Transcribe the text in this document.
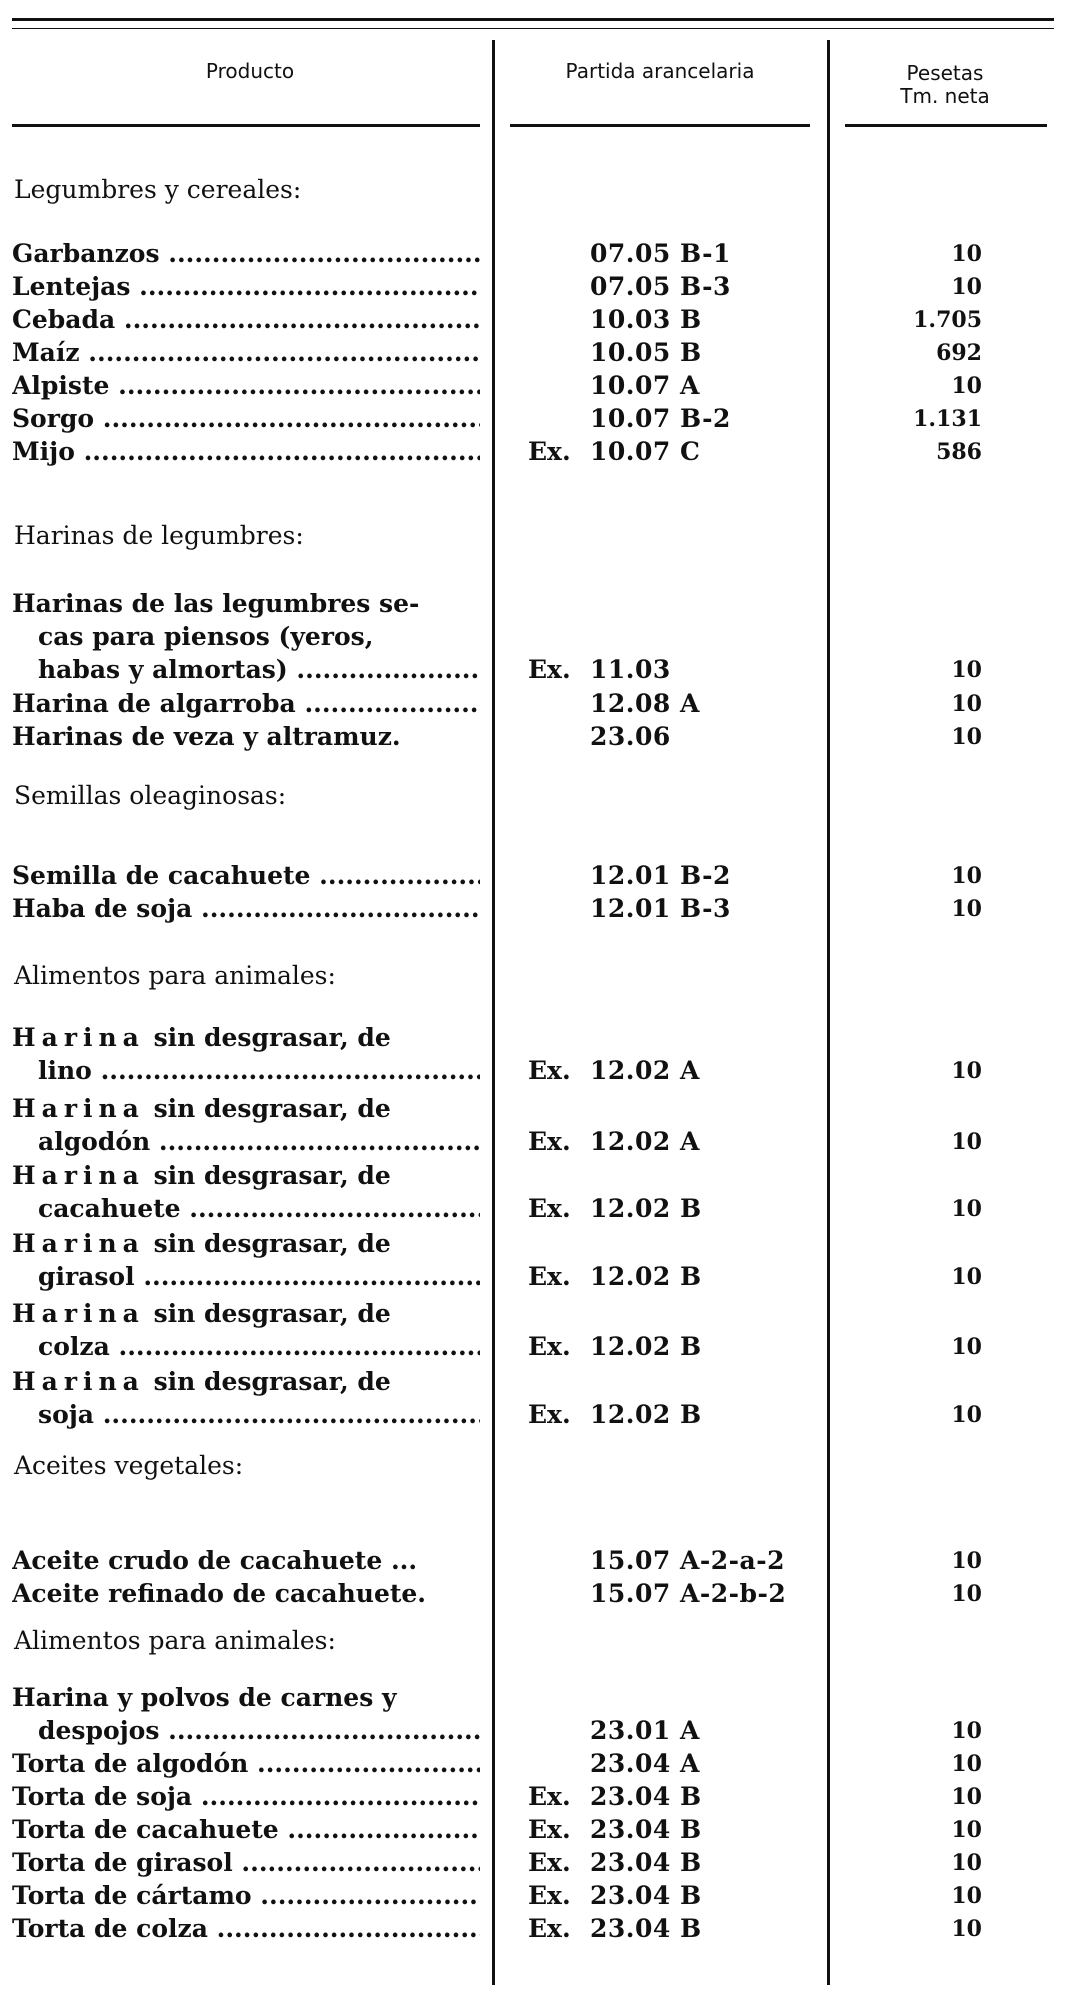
Producto	Partida arancelaria	Pesetas
Tm. neta
Legumbres y cereales:
Garbanzos .....	07.05 B-1	10
Lentejas .....	07.05 B-3	10
Cebada .....	10.03 B	1.705
Maíz .....	10.05 B	692
Alpiste .....	10.07 A	10
Sorgo .....	10.07 B-2	1.131
Mijo .....	Ex. 10.07 C	586
Harinas de legumbres:
Harinas de las legumbres se-
cas para piensos (yeros,
habas y almortas) .....	Ex. 11.03	10
Harina de algarroba .....	12.08 A	10
Harinas de veza y altramuz.	23.06	10
Semillas oleaginosas:
Semilla de cacahuete .....	12.01 B-2	10
Haba de soja .....	12.01 B-3	10
Alimentos para animales:
Harina sin desgrasar, de
lino .....	Ex. 12.02 A	10
Harina sin desgrasar, de
algodón .....	Ex. 12.02 A	10
Harina sin desgrasar, de
cacahuete .....	Ex. 12.02 B	10
Harina sin desgrasar, de
girasol .....	Ex. 12.02 B	10
Harina sin desgrasar, de
colza .....	Ex. 12.02 B	10
Harina sin desgrasar, de
soja .....	Ex. 12.02 B	10
Aceites vegetales:
Aceite crudo de cacahuete ...	15.07 A-2-a-2	10
Aceite refinado de cacahuete.	15.07 A-2-b-2	10
Alimentos para animales:
Harina y polvos de carnes y
despojos .....	23.01 A	10
Torta de algodón .....	23.04 A	10
Torta de soja .....	Ex. 23.04 B	10
Torta de cacahuete .....	Ex. 23.04 B	10
Torta de girasol .....	Ex. 23.04 B	10
Torta de cártamo .....	Ex. 23.04 B	10
Torta de colza .....	Ex. 23.04 B	10
